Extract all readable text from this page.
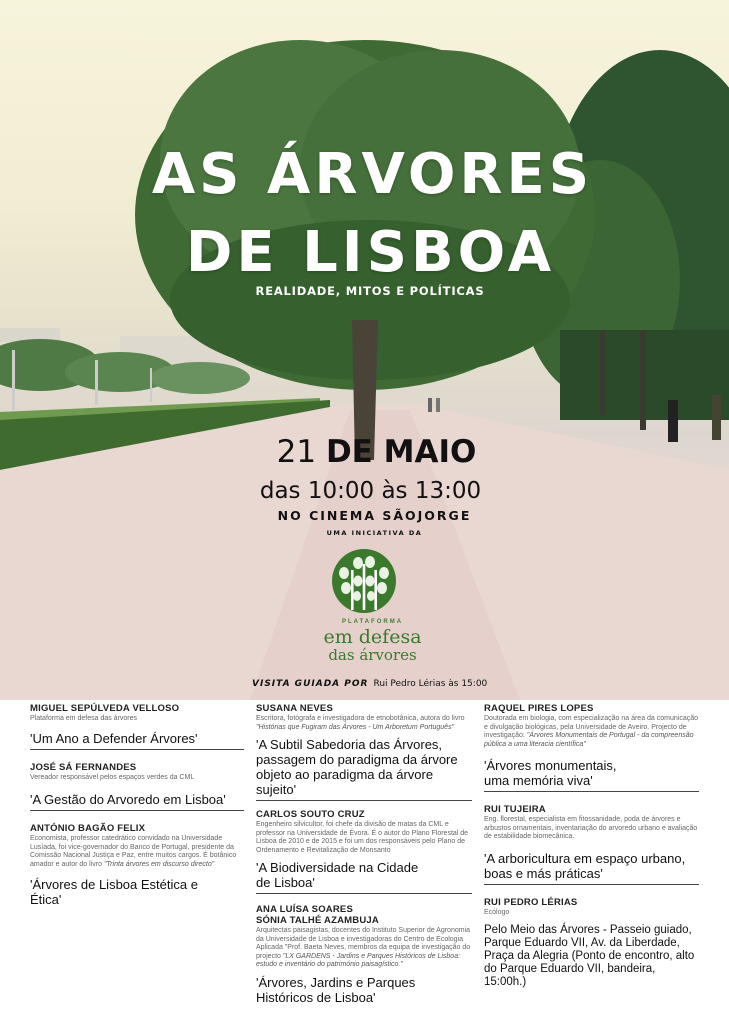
AS ÁRVORES
DE LISBOA
REALIDADE, MITOS E POLÍTICAS
21 DE MAIO
das 10:00 às 13:00
NO CINEMA SÃOJORGE
UMA INICIATIVA DA
PLATAFORMA
em defesa
das árvores
VISITA GUIADA POR Rui Pedro Lérias às 15:00

MIGUEL SEPÚLVEDA VELLOSO

Plataforma em defesa das árvores

'Um Ano a Defender Árvores'

JOSÉ SÁ FERNANDES

Vereador responsável pelos espaços verdes da CML

'A Gestão do Arvoredo em Lisboa'

ANTÓNIO BAGÃO FELIX

Economista, professor catedrático convidado na Universidade Lusíada, foi vice-governador do Banco de Portugal, presidente da Comissão Nacional Justiça e Paz, entre muitos cargos. É botânico amador e autor do livro "Trinta árvores em discurso directo"

'Árvores de Lisboa Estética e Ética'

SUSANA NEVES

Escritora, fotógrafa e investigadora de etnobotânica, autora do livro "Histórias que Fugiram das Árvores - Um Arboretum Português"

'A Subtil Sabedoria das Árvores, passagem do paradigma da árvore objeto ao paradigma da árvore sujeito'

CARLOS SOUTO CRUZ

Engenheiro silvicultor, foi chefe da divisão de matas da CML e professor na Universidade de Évora. É o autor do Plano Florestal de Lisboa de 2010 e de 2015 e foi um dos responsáveis pelo Plano de Ordenamento e Revitalização de Monsanto

'A Biodiversidade na Cidade de Lisboa'

ANA LUÍSA SOARES

SÓNIA TALHÉ AZAMBUJA

Arquitectas paisagistas, docentes do Instituto Superior de Agronomia da Universidade de Lisboa e investigadoras do Centro de Ecologia Aplicada "Prof. Baeta Neves, membros da equipa de investigação do projecto "LX GARDENS - Jardins e Parques Históricos de Lisboa: estudo e inventário do património paisagístico."

'Árvores, Jardins e Parques Históricos de Lisboa'

RAQUEL PIRES LOPES

Doutorada em biologia, com especialização na área da comunicação e divulgação biológicas, pela Universidade de Aveiro. Projecto de investigação: "Árvores Monumentais de Portugal - da compreensão pública a uma literacia científica"

'Árvores monumentais, uma memória viva'

RUI TUJEIRA

Eng. florestal, especialista em fitossanidade, poda de árvores e arbustos ornamentais, inventariação do arvoredo urbano e avaliação de estabilidade biomecânica.

'A arboricultura em espaço urbano, boas e más práticas'

RUI PEDRO LÉRIAS

Ecólogo

Pelo Meio das Árvores - Passeio guiado, Parque Eduardo VII, Av. da Liberdade, Praça da Alegria (Ponto de encontro, alto do Parque Eduardo VII, bandeira, 15:00h.)
